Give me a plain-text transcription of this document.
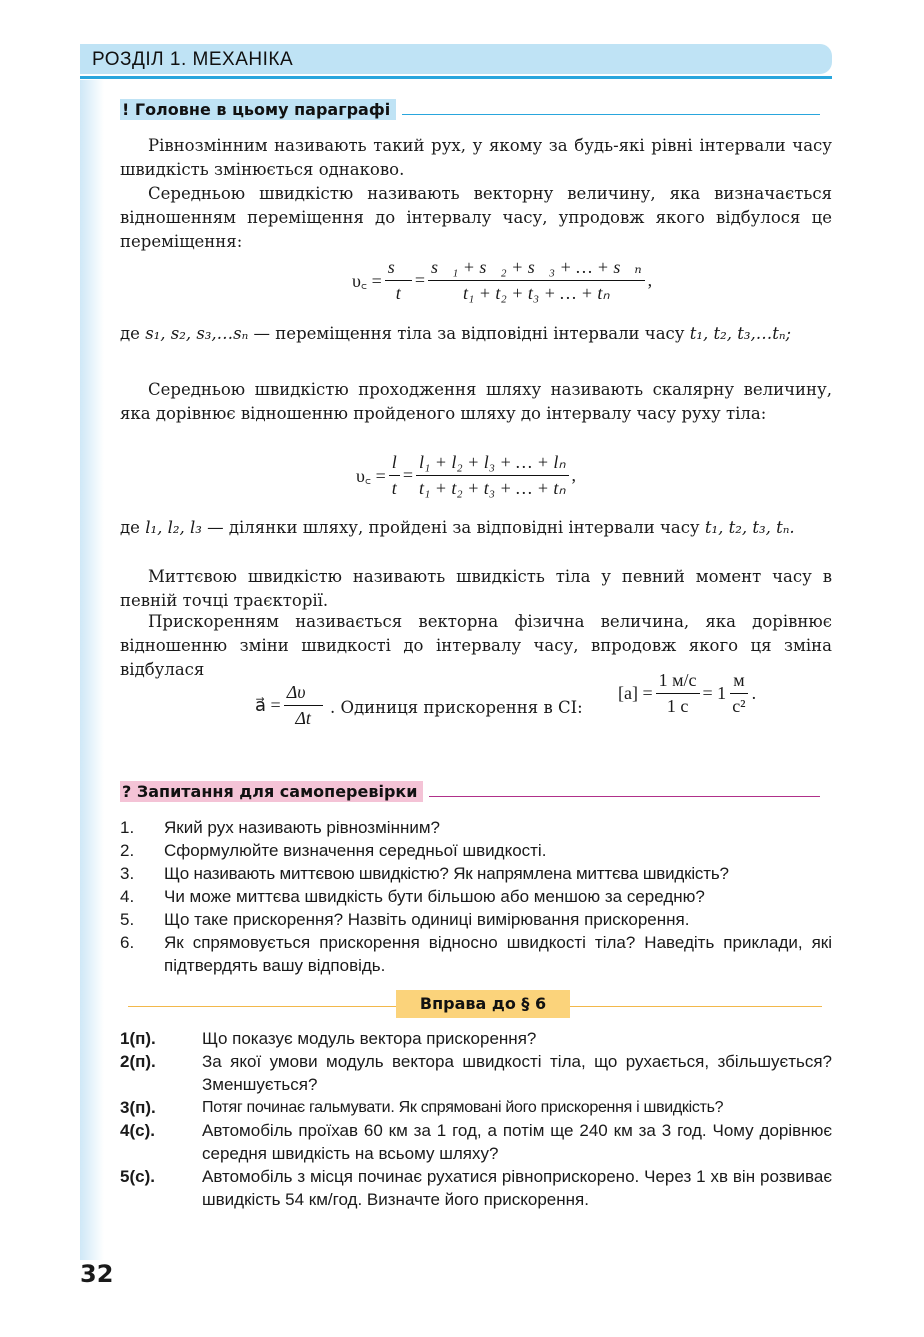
РОЗДІЛ 1. МЕХАНІКА
! Головне в цьому параграфі
Рівнозмінним називають такий рух, у якому за будь-які рівні інтервали часу швидкість змінюється однаково.
Середньою швидкістю називають векторну величину, яка визначається відношенням переміщення до інтервалу часу, упродовж якого відбулося це переміщення:
υ꜀ = $\frac{s⃗}{t} = \frac{\text{s⃗₁ + s⃗₂ + s⃗₃ + … + s⃗ₙ}}{\text{t₁ + t₂ + t₃ + … + tₙ}}$ ,
де s₁, s₂, s₃,…sₙ — переміщення тіла за відповідні інтервали часу t₁, t₂, t₃,…tₙ;
Середньою швидкістю проходження шляху називають скалярну величину, яка дорівнює відношенню пройденого шляху до інтервалу часу руху тіла:
υ꜀ = $\frac{l}{t} = \frac{\text{l₁ + l₂ + l₃ + … + lₙ}}{\text{t₁ + t₂ + t₃ + … + tₙ}}$ ,
де l₁, l₂, l₃ — ділянки шляху, пройдені за відповідні інтервали часу t₁, t₂, t₃, tₙ.
Миттєвою швидкістю називають швидкість тіла у певний момент часу в певній точці траєкторії.
Прискоренням називається векторна фізична величина, яка дорівнює відношенню зміни швидкості до інтервалу часу, впродовж якого ця зміна відбулася
a⃗ = $\frac{\Delta\upsilon⃗}{\Delta t}$ . Одиниця прискорення в СІ:
$[a] = \frac{1 м/с}{1 с} = 1 \frac{м}{\text{с²}}$ .
? Запитання для самоперевірки
1.	Який рух називають рівнозмінним?
2.	Сформулюйте визначення середньої швидкості.
3.	Що називають миттєвою швидкістю? Як напрямлена миттєва швидкість?
4.	Чи може миттєва швидкість бути більшою або меншою за середню?
5.	Що таке прискорення? Назвіть одиниці вимірювання прискорення.
6.	Як спрямовується прискорення відносно швидкості тіла? Наведіть приклади, які підтвердять вашу відповідь.
Вправа до § 6
1(п).	Що показує модуль вектора прискорення?
2(п).	За якої умови модуль вектора швидкості тіла, що рухається, збільшується? Зменшується?
3(п).	Потяг починає гальмувати. Як спрямовані його прискорення і швидкість?
4(с).	Автомобіль проїхав 60 км за 1 год, а потім ще 240 км за 3 год. Чому дорівнює середня швидкість на всьому шляху?
5(с).	Автомобіль з місця починає рухатися рівноприскорено. Через 1 хв він розвиває швидкість 54 км/год. Визначте його прискорення.
32
